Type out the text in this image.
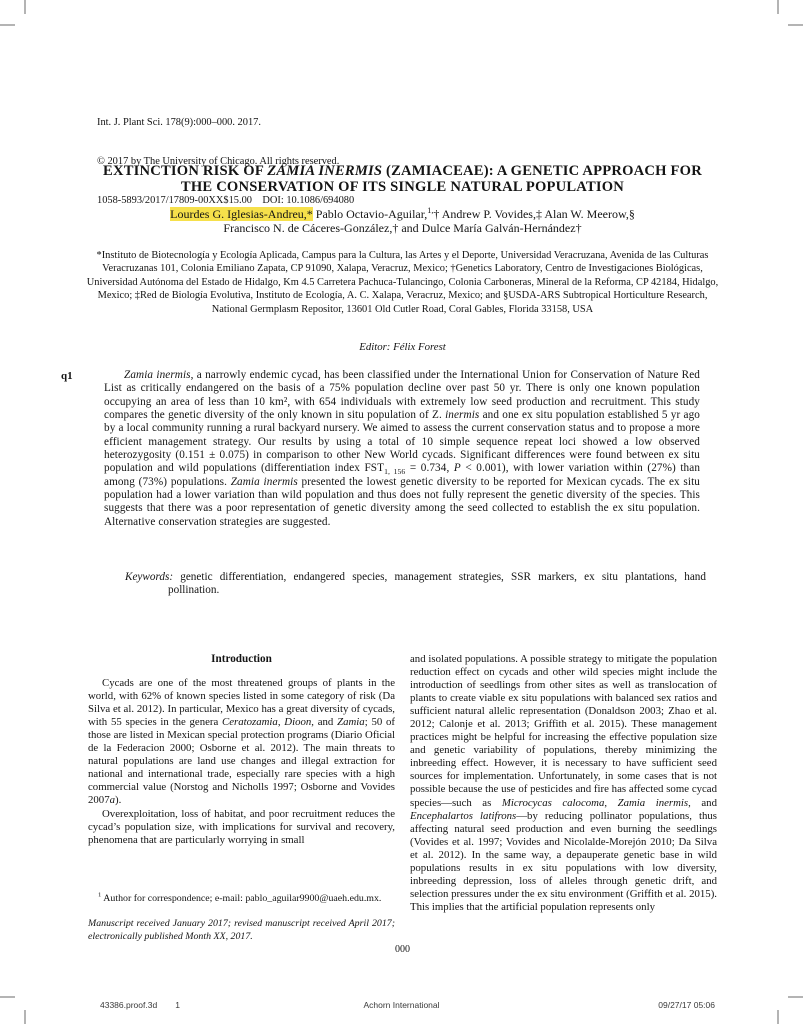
Int. J. Plant Sci. 178(9):000–000. 2017.

© 2017 by The University of Chicago. All rights reserved.

1058-5893/2017/17809-00XX$15.00  DOI: 10.1086/694080

EXTINCTION RISK OF ZAMIA INERMIS (ZAMIACEAE): A GENETIC APPROACH FOR THE CONSERVATION OF ITS SINGLE NATURAL POPULATION
Lourdes G. Iglesias-Andreu,* Pablo Octavio-Aguilar,$^{1,}$† Andrew P. Vovides,‡ Alan W. Meerow,§
Francisco N. de Cáceres-González,† and Dulce María Galván-Hernández†
*Instituto de Biotecnología y Ecología Aplicada, Campus para la Cultura, las Artes y el Deporte, Universidad Veracruzana, Avenida de las Culturas Veracruzanas 101, Colonia Emiliano Zapata, CP 91090, Xalapa, Veracruz, Mexico; †Genetics Laboratory, Centro de Investigaciones Biológicas, Universidad Autónoma del Estado de Hidalgo, Km 4.5 Carretera Pachuca-Tulancingo, Colonia Carboneras, Mineral de la Reforma, CP 42184, Hidalgo, Mexico; ‡Red de Biología Evolutiva, Instituto de Ecología, A. C. Xalapa, Veracruz, Mexico; and §USDA-ARS Subtropical Horticulture Research, National Germplasm Repositor, 13601 Old Cutler Road, Coral Gables, Florida 33158, USA
Editor: Félix Forest
q1	Zamia inermis, a narrowly endemic cycad, has been classified under the International Union for Conservation of Nature Red List as critically endangered on the basis of a 75% population decline over past 50 yr. There is only one known population occupying an area of less than 10 km², with 654 individuals with extremely low seed production and recruitment. This study compares the genetic diversity of the only known in situ population of Z. inermis and one ex situ population established 5 yr ago by a local community running a rural backyard nursery. We aimed to assess the current conservation status and to propose a more efficient management strategy. Our results by using a total of 10 simple sequence repeat loci showed a low observed heterozygosity (0.151 ± 0.075) in comparison to other New World cycads. Significant differences were found between ex situ population and wild populations (differentiation index $FST_{1, 156} = 0.734$, P < 0.001), with lower variation within (27%) than among (73%) populations. Zamia inermis presented the lowest genetic diversity to be reported for Mexican cycads. The ex situ population had a lower variation than wild population and thus does not fully represent the genetic diversity of the species. This suggests that there was a poor representation of genetic diversity among the seed collected to establish the ex situ population. Alternative conservation strategies are suggested.

Keywords: genetic differentiation, endangered species, management strategies, SSR markers, ex situ plantations, hand pollination.
Introduction

Cycads are one of the most threatened groups of plants in the world, with 62% of known species listed in some category of risk (Da Silva et al. 2012). In particular, Mexico has a great diversity of cycads, with 55 species in the genera Ceratozamia, Dioon, and Zamia; 50 of those are listed in Mexican special protection programs (Diario Oficial de la Federacion 2000; Osborne et al. 2012). The main threats to natural populations are land use changes and illegal extraction for national and international trade, especially rare species with a high commercial value (Norstog and Nicholls 1997; Osborne and Vovides 2007a).

Overexploitation, loss of habitat, and poor recruitment reduces the cycad’s population size, with implications for survival and recovery, phenomena that are particularly worrying in small

and isolated populations. A possible strategy to mitigate the population reduction effect on cycads and other wild species might include the introduction of seedlings from other sites as well as translocation of plants to create viable ex situ populations with balanced sex ratios and sufficient natural allelic representation (Donaldson 2003; Zhao et al. 2012; Calonje et al. 2013; Griffith et al. 2015). These management practices might be helpful for increasing the effective population size and genetic variability of populations, thereby minimizing the inbreeding effect. However, it is necessary to have sufficient seed sources for implementation. Unfortunately, in some cases that is not possible because the use of pesticides and fire has affected some cycad species—such as Microcycas calocoma, Zamia inermis, and Encephalartos latifrons—by reducing pollinator populations, thus affecting natural seed production and even burning the seedlings (Vovides et al. 1997; Vovides and Nicolalde-Morejón 2010; Da Silva et al. 2012). In the same way, a depauperate genetic base in wild populations results in ex situ populations with low diversity, inbreeding depression, loss of alleles through genetic drift, and selection pressures under the ex situ environment (Griffith et al. 2015). This implies that the artificial population represents only

$^1$ Author for correspondence; e-mail: pablo_aguilar9900@uaeh.edu.mx.
Manuscript received January 2017; revised manuscript received April 2017; electronically published Month XX, 2017.
000
Achorn International
43386.proof.3d 1	09/27/17 05:06
